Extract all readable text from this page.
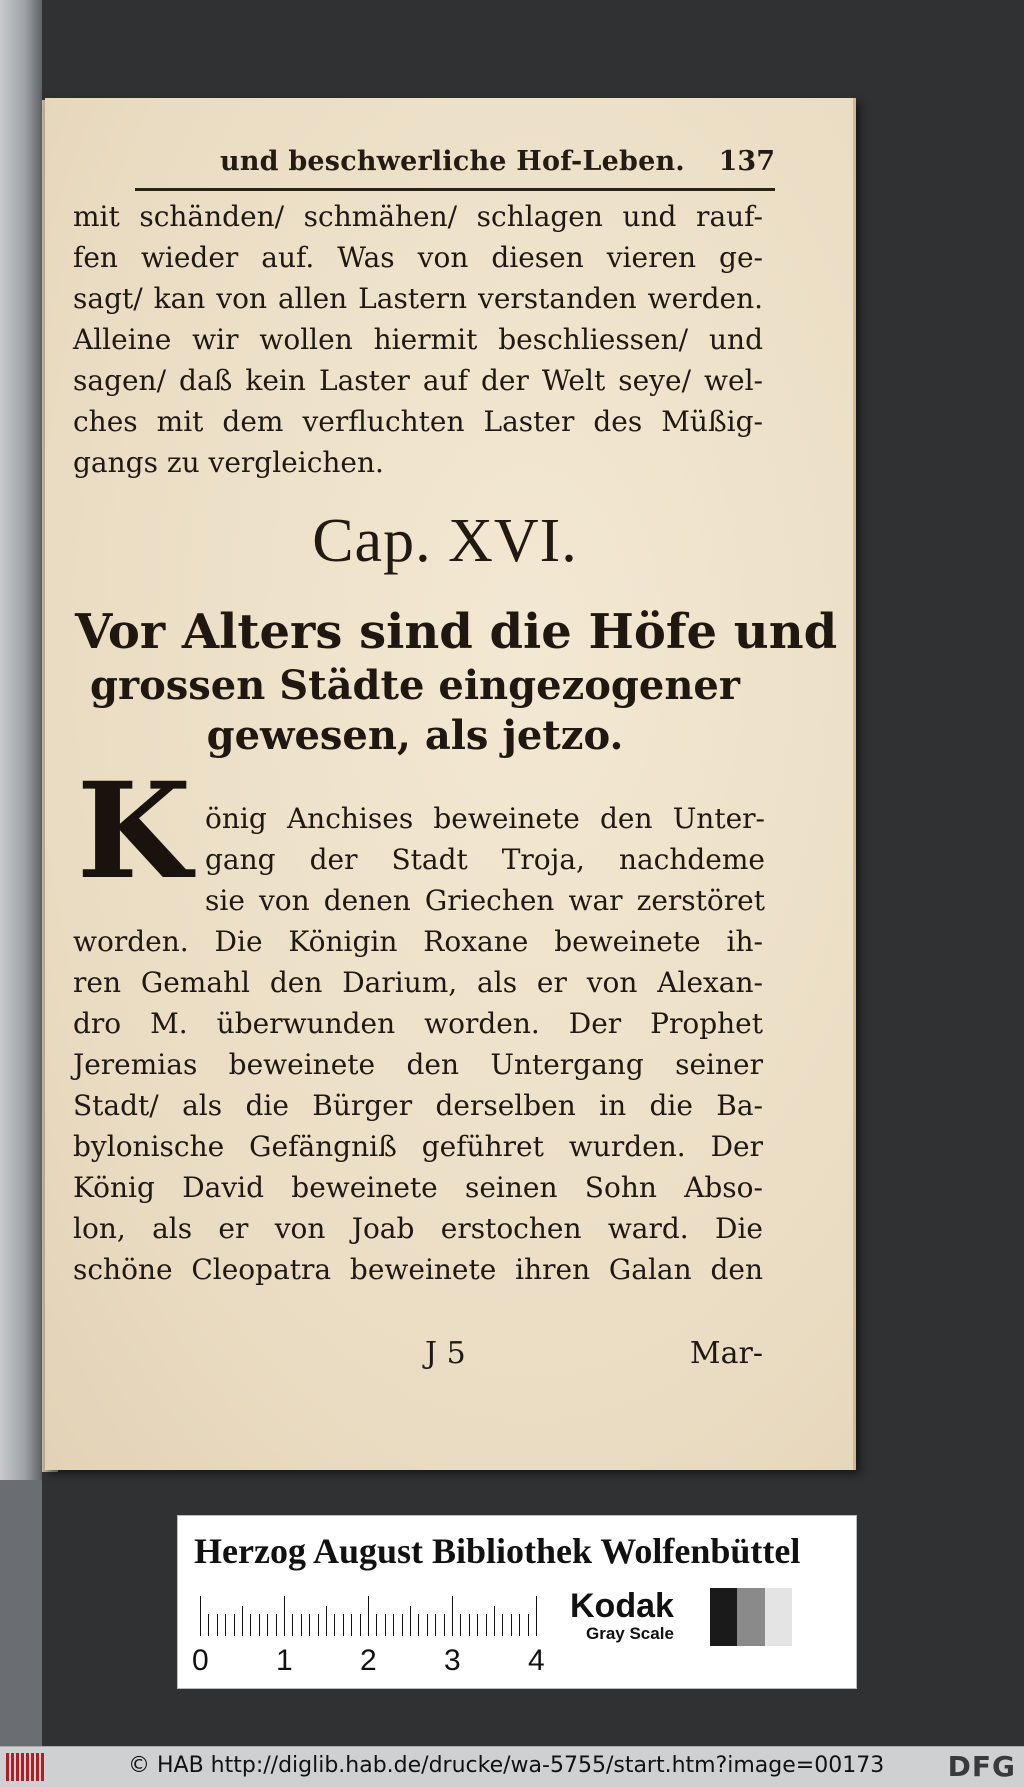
und beschwerliche Hof-Leben. 137
mit schänden/ schmähen/ schlagen und rauf-
fen wieder auf. Was von diesen vieren ge-
sagt/ kan von allen Lastern verstanden werden.
Alleine wir wollen hiermit beschliessen/ und
sagen/ daß kein Laster auf der Welt seye/ wel-
ches mit dem verfluchten Laster des Müßig-
gangs zu vergleichen.
Cap. XVI.
Vor Alters sind die Höfe und
grossen Städte eingezogener
gewesen, als jetzo.
K önig Anchises beweinete den Unter-
gang der Stadt Troja, nachdeme
sie von denen Griechen war zerstöret
worden. Die Königin Roxane beweinete ih-
ren Gemahl den Darium, als er von Alexan-
dro M. überwunden worden. Der Prophet
Jeremias beweinete den Untergang seiner
Stadt/ als die Bürger derselben in die Ba-
bylonische Gefängniß geführet wurden. Der
König David beweinete seinen Sohn Abso-
lon, als er von Joab erstochen ward. Die
schöne Cleopatra beweinete ihren Galan den
J 5	Mar-
Herzog August Bibliothek Wolfenbüttel
0 1 2 3 4
Kodak
Gray Scale
© HAB http://diglib.hab.de/drucke/wa-5755/start.htm?image=00173 DFG
